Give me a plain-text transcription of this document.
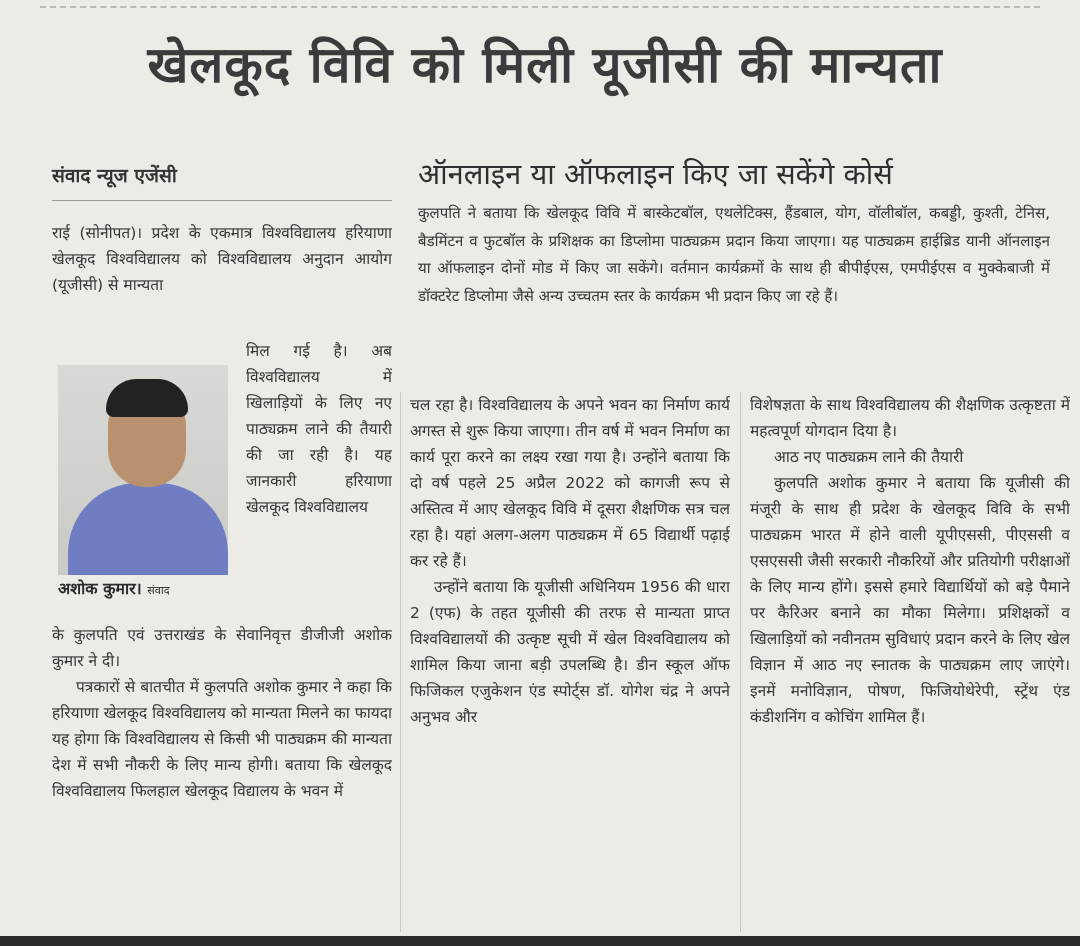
खेलकूद विवि को मिली यूजीसी की मान्यता
संवाद न्यूज एजेंसी	ऑनलाइन या ऑफलाइन किए जा सकेंगे कोर्स

कुलपति ने बताया कि खेलकूद विवि में बास्केटबॉल, एथलेटिक्स, हैंडबाल, योग, वॉलीबॉल, कबड्डी, कुश्ती, टेनिस, बैडमिंटन व फुटबॉल के प्रशिक्षक का डिप्लोमा पाठ्यक्रम प्रदान किया जाएगा। यह पाठ्यक्रम हाईब्रिड यानी ऑनलाइन या ऑफलाइन दोनों मोड में किए जा सकेंगे। वर्तमान कार्यक्रमों के साथ ही बीपीईएस, एमपीईएस व मुक्केबाजी में डॉक्टरेट डिप्लोमा जैसे अन्य उच्चतम स्तर के कार्यक्रम भी प्रदान किए जा रहे हैं।

राई (सोनीपत)। प्रदेश के एकमात्र विश्वविद्यालय हरियाणा खेलकूद विश्वविद्यालय को विश्वविद्यालय अनुदान आयोग (यूजीसी) से मान्यता

अशोक कुमार। संवाद

मिल गई है। अब विश्वविद्यालय में खिलाड़ियों के लिए नए पाठ्यक्रम लाने की तैयारी की जा रही है। यह जानकारी हरियाणा खेलकूद विश्वविद्यालय

के कुलपति एवं उत्तराखंड के सेवानिवृत्त डीजीजी अशोक कुमार ने दी।

पत्रकारों से बातचीत में कुलपति अशोक कुमार ने कहा कि हरियाणा खेलकूद विश्वविद्यालय को मान्यता मिलने का फायदा यह होगा कि विश्वविद्यालय से किसी भी पाठ्यक्रम की मान्यता देश में सभी नौकरी के लिए मान्य होगी। बताया कि खेलकूद विश्वविद्यालय फिलहाल खेलकूद विद्यालय के भवन में

चल रहा है। विश्वविद्यालय के अपने भवन का निर्माण कार्य अगस्त से शुरू किया जाएगा। तीन वर्ष में भवन निर्माण का कार्य पूरा करने का लक्ष्य रखा गया है। उन्होंने बताया कि दो वर्ष पहले 25 अप्रैल 2022 को कागजी रूप से अस्तित्व में आए खेलकूद विवि में दूसरा शैक्षणिक सत्र चल रहा है। यहां अलग-अलग पाठ्यक्रम में 65 विद्यार्थी पढ़ाई कर रहे हैं।

उन्होंने बताया कि यूजीसी अधिनियम 1956 की धारा 2 (एफ) के तहत यूजीसी की तरफ से मान्यता प्राप्त विश्वविद्यालयों की उत्कृष्ट सूची में खेल विश्वविद्यालय को शामिल किया जाना बड़ी उपलब्धि है। डीन स्कूल ऑफ फिजिकल एजुकेशन एंड स्पोर्ट्स डॉ. योगेश चंद्र ने अपने अनुभव और

विशेषज्ञता के साथ विश्वविद्यालय की शैक्षणिक उत्कृष्टता में महत्वपूर्ण योगदान दिया है।

आठ नए पाठ्यक्रम लाने की तैयारी

कुलपति अशोक कुमार ने बताया कि यूजीसी की मंजूरी के साथ ही प्रदेश के खेलकूद विवि के सभी पाठ्यक्रम भारत में होने वाली यूपीएससी, पीएससी व एसएससी जैसी सरकारी नौकरियों और प्रतियोगी परीक्षाओं के लिए मान्य होंगे। इससे हमारे विद्यार्थियों को बड़े पैमाने पर कैरिअर बनाने का मौका मिलेगा। प्रशिक्षकों व खिलाड़ियों को नवीनतम सुविधाएं प्रदान करने के लिए खेल विज्ञान में आठ नए स्नातक के पाठ्यक्रम लाए जाएंगे। इनमें मनोविज्ञान, पोषण, फिजियोथेरेपी, स्ट्रेंथ एंड कंडीशनिंग व कोचिंग शामिल हैं।
